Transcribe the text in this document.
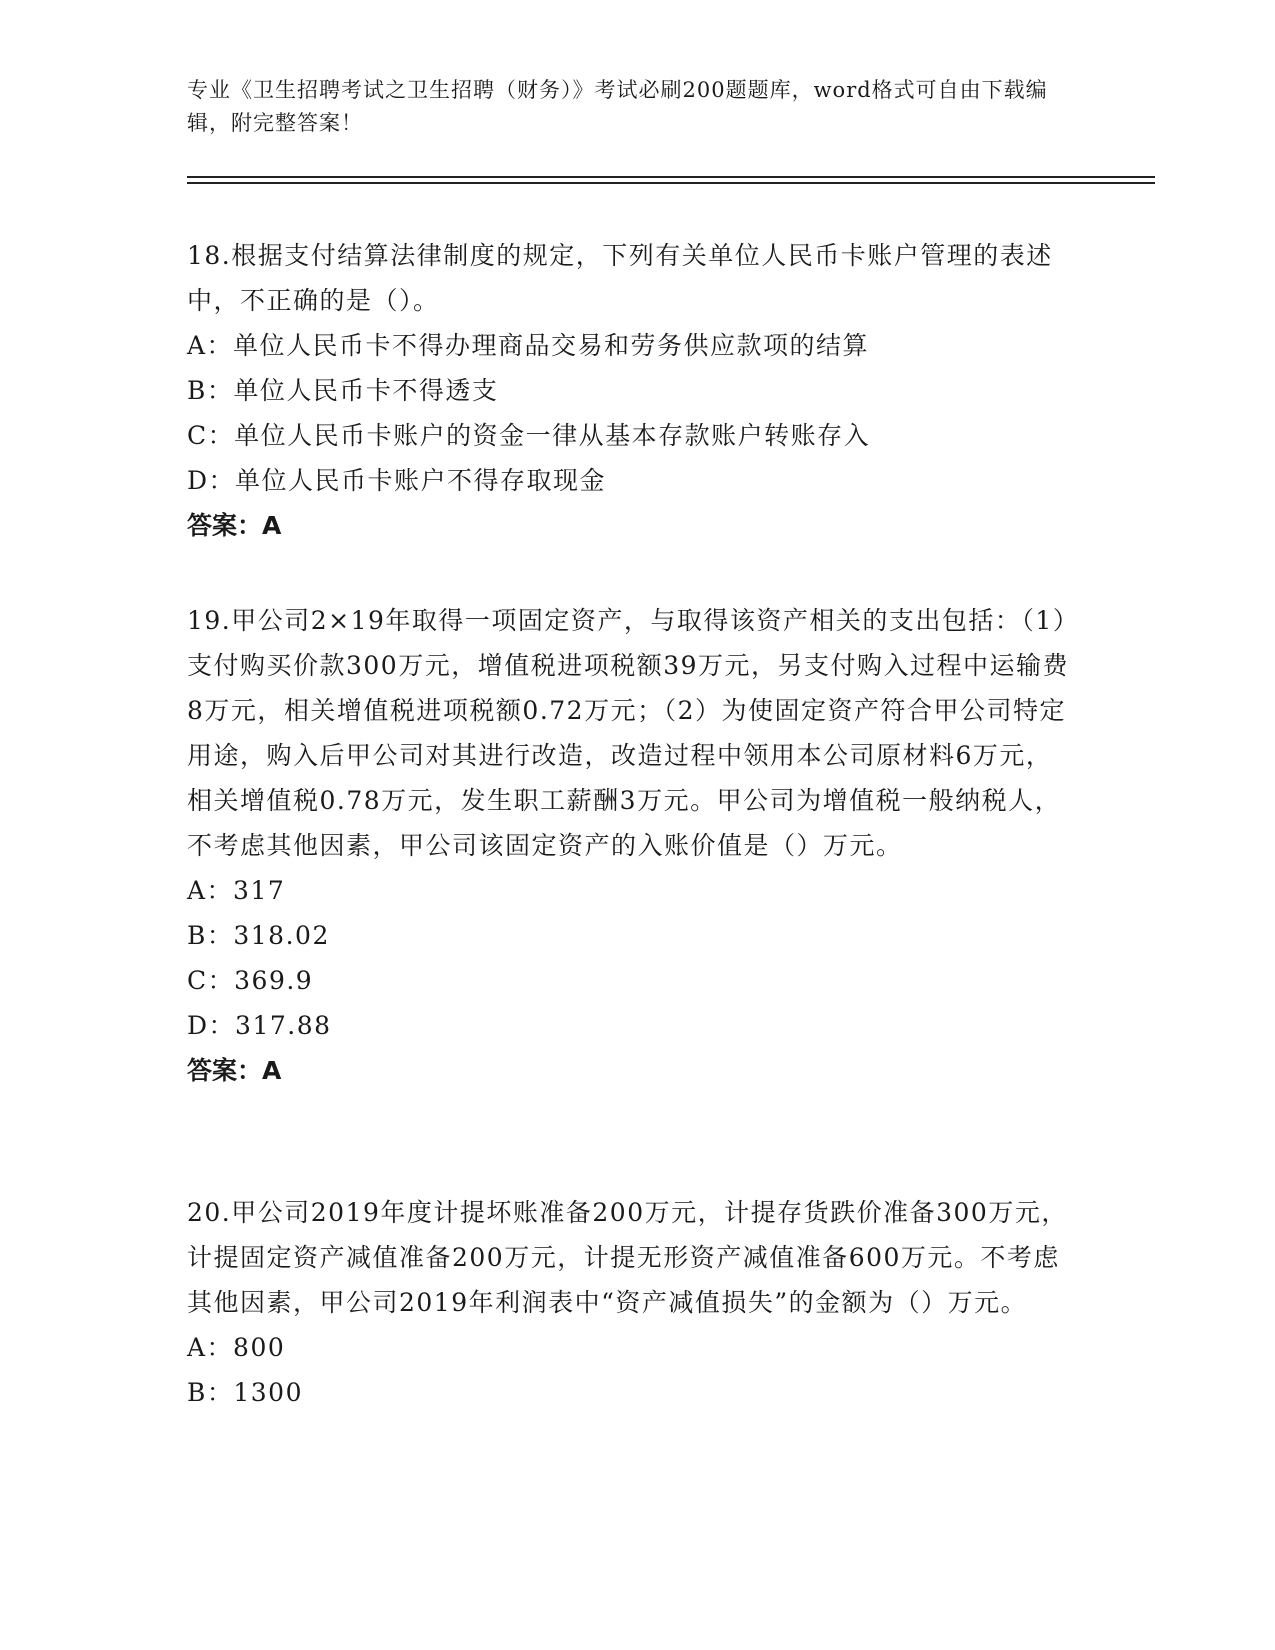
专业《卫生招聘考试之卫生招聘（财务）》考试必刷200题题库，word格式可自由下载编辑，附完整答案！

18.根据支付结算法律制度的规定，下列有关单位人民币卡账户管理的表述中，不正确的是（）。

A：单位人民币卡不得办理商品交易和劳务供应款项的结算

B：单位人民币卡不得透支

C：单位人民币卡账户的资金一律从基本存款账户转账存入

D：单位人民币卡账户不得存取现金

答案：A

19.甲公司2×19年取得一项固定资产，与取得该资产相关的支出包括：（1）支付购买价款300万元，增值税进项税额39万元，另支付购入过程中运输费8万元，相关增值税进项税额0.72万元；（2）为使固定资产符合甲公司特定用途，购入后甲公司对其进行改造，改造过程中领用本公司原材料6万元，相关增值税0.78万元，发生职工薪酬3万元。甲公司为增值税一般纳税人，不考虑其他因素，甲公司该固定资产的入账价值是（）万元。

A：317

B：318.02

C：369.9

D：317.88

答案：A

20.甲公司2019年度计提坏账准备200万元，计提存货跌价准备300万元，计提固定资产减值准备200万元，计提无形资产减值准备600万元。不考虑其他因素，甲公司2019年利润表中“资产减值损失”的金额为（）万元。

A：800

B：1300
